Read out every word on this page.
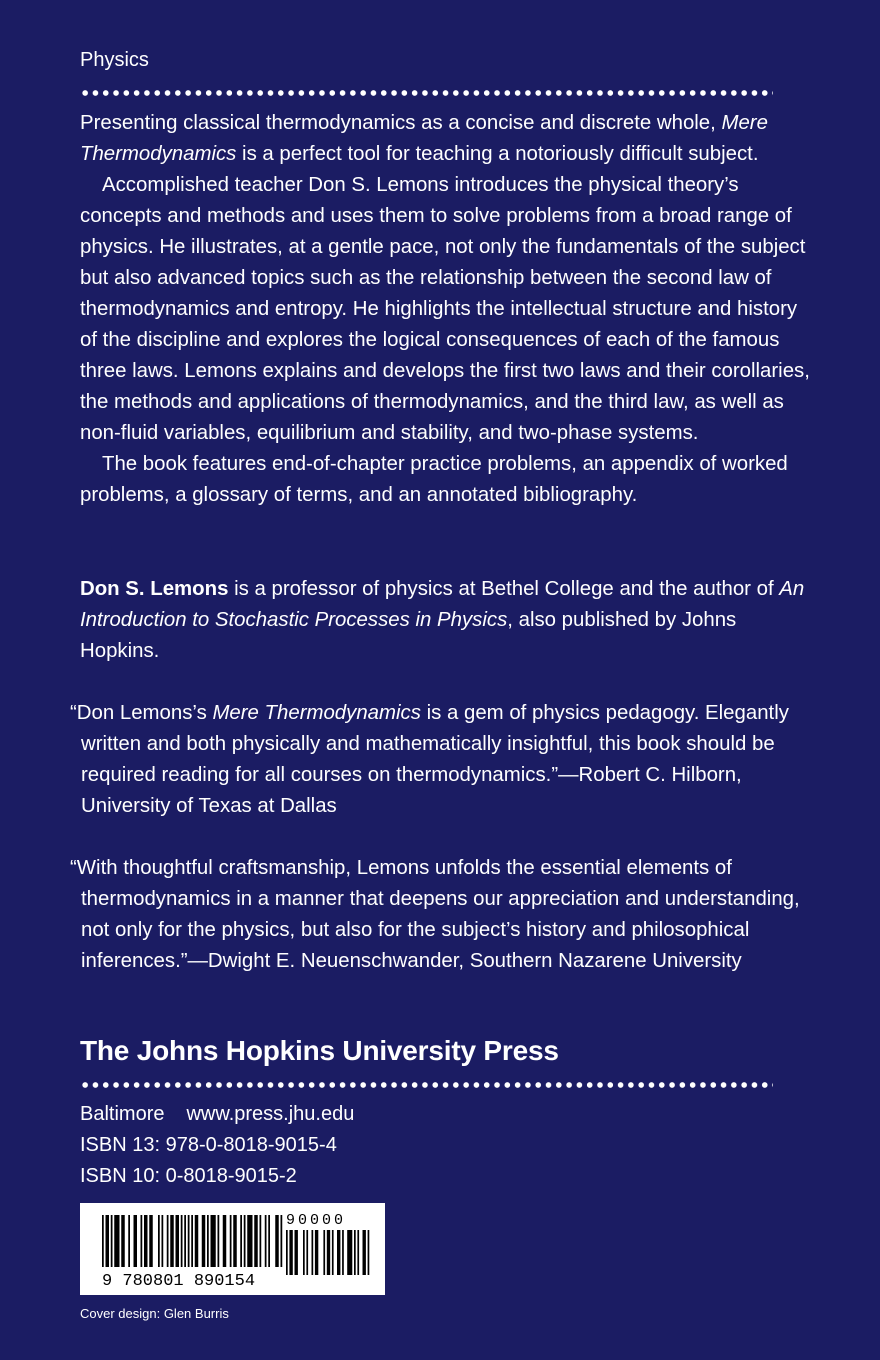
Physics

Presenting classical thermodynamics as a concise and discrete whole, Mere Thermodynamics is a perfect tool for teaching a notoriously difficult subject.

Accomplished teacher Don S. Lemons introduces the physical theory’s concepts and methods and uses them to solve problems from a broad range of physics. He illustrates, at a gentle pace, not only the fundamentals of the subject but also advanced topics such as the relationship between the second law of thermodynamics and entropy. He highlights the intellectual structure and history of the discipline and explores the logical consequences of each of the famous three laws. Lemons explains and develops the first two laws and their corollaries, the methods and applications of thermodynamics, and the third law, as well as non-fluid variables, equilibrium and stability, and two-phase systems.

The book features end-of-chapter practice problems, an appendix of worked problems, a glossary of terms, and an annotated bibliography.

Don S. Lemons is a professor of physics at Bethel College and the author of An Introduction to Stochastic Processes in Physics, also published by Johns Hopkins.

“Don Lemons’s Mere Thermodynamics is a gem of physics pedagogy. Elegantly written and both physically and mathematically insightful, this book should be required reading for all courses on thermodynamics.”—Robert C. Hilborn, University of Texas at Dallas

“With thoughtful craftsmanship, Lemons unfolds the essential elements of thermodynamics in a manner that deepens our appreciation and understanding, not only for the physics, but also for the subject’s history and philosophical inferences.”—Dwight E. Neuenschwander, Southern Nazarene University

The Johns Hopkins University Press
Baltimore www.press.jhu.edu
ISBN 13: 978-0-8018-9015-4
ISBN 10: 0-8018-9015-2
9 780801 890154
90000
Cover design: Glen Burris
